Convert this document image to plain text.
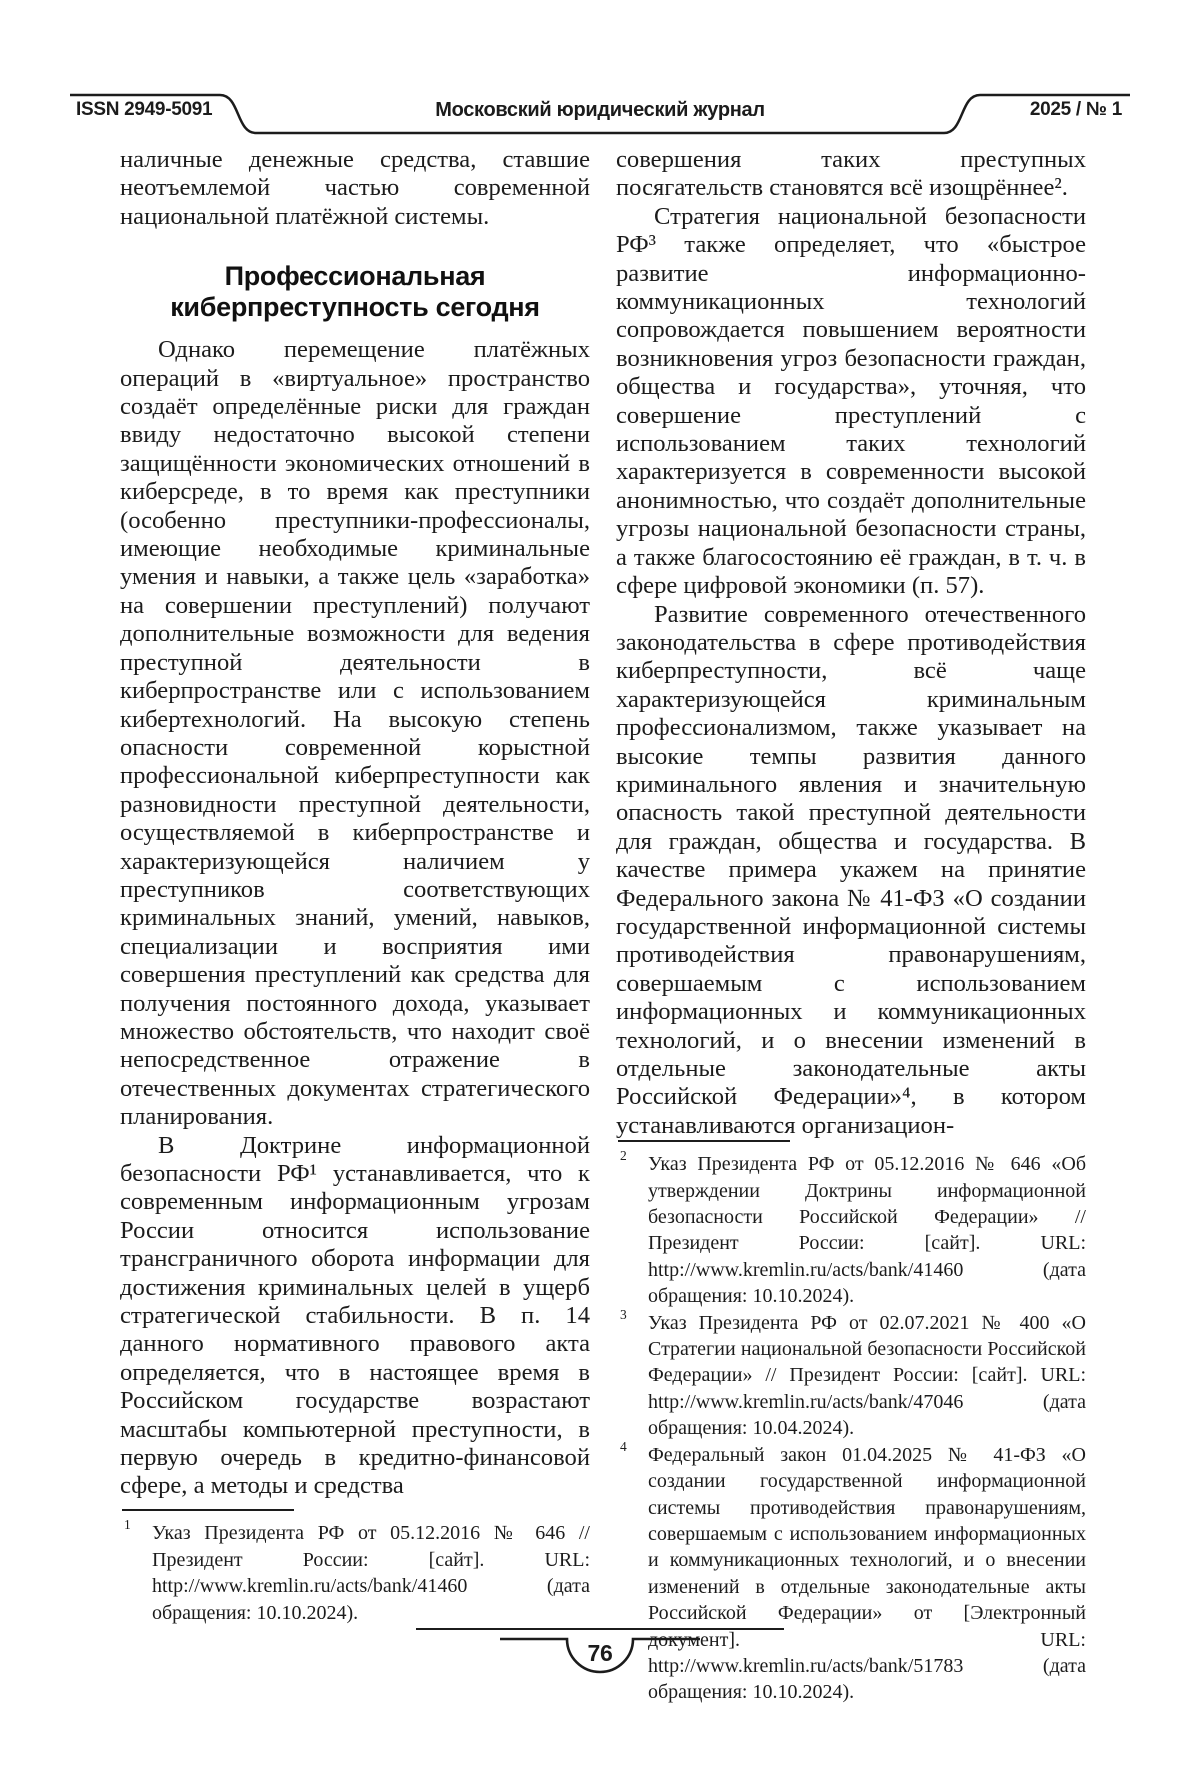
ISSN 2949-5091	Московский юридический журнал	2025 / № 1

наличные денежные средства, ставшие неотъемлемой частью современной национальной платёжной системы.

Профессиональная
киберпреступность сегодня

Однако перемещение платёжных операций в «виртуальное» пространство создаёт определённые риски для граждан ввиду недостаточно высокой степени защищённости экономических отношений в киберсреде, в то время как преступники (особенно преступники-профессионалы, имеющие необходимые криминальные умения и навыки, а также цель «заработка» на совершении преступлений) получают дополнительные возможности для ведения преступной деятельности в киберпространстве или с использованием кибертехнологий. На высокую степень опасности современной корыстной профессиональной киберпреступности как разновидности преступной деятельности, осуществляемой в киберпространстве и характеризующейся наличием у преступников соответствующих криминальных знаний, умений, навыков, специализации и восприятия ими совершения преступлений как средства для получения постоянного дохода, указывает множество обстоятельств, что находит своё непосредственное отражение в отечественных документах стратегического планирования.

В Доктрине информационной безопасности РФ¹ устанавливается, что к современным информационным угрозам России относится использование трансграничного оборота информации для достижения криминальных целей в ущерб стратегической стабильности. В п. 14 данного нормативного правового акта определяется, что в настоящее время в Российском государстве возрастают масштабы компьютерной преступности, в первую очередь в кредитно-финансовой сфере, а методы и средства

1 Указ Президента РФ от 05.12.2016 № 646 // Президент России: [сайт]. URL: http://www.kremlin.ru/acts/bank/41460 (дата обращения: 10.10.2024).

совершения таких преступных посягательств становятся всё изощрённее².

Стратегия национальной безопасности РФ³ также определяет, что «быстрое развитие информационно-коммуникационных технологий сопровождается повышением вероятности возникновения угроз безопасности граждан, общества и государства», уточняя, что совершение преступлений с использованием таких технологий характеризуется в современности высокой анонимностью, что создаёт дополнительные угрозы национальной безопасности страны, а также благосостоянию её граждан, в т. ч. в сфере цифровой экономики (п. 57).

Развитие современного отечественного законодательства в сфере противодействия киберпреступности, всё чаще характеризующейся криминальным профессионализмом, также указывает на высокие темпы развития данного криминального явления и значительную опасность такой преступной деятельности для граждан, общества и государства. В качестве примера укажем на принятие Федерального закона № 41-ФЗ «О создании государственной информационной системы противодействия правонарушениям, совершаемым с использованием информационных и коммуникационных технологий, и о внесении изменений в отдельные законодательные акты Российской Федерации»⁴, в котором устанавливаются организацион-

2 Указ Президента РФ от 05.12.2016 № 646 «Об утверждении Доктрины информационной безопасности Российской Федерации» // Президент России: [сайт]. URL: http://www.kremlin.ru/acts/bank/41460 (дата обращения: 10.10.2024).

3 Указ Президента РФ от 02.07.2021 № 400 «О Стратегии национальной безопасности Российской Федерации» // Президент России: [сайт]. URL: http://www.kremlin.ru/acts/bank/47046 (дата обращения: 10.04.2024).

4 Федеральный закон 01.04.2025 № 41-ФЗ «О создании государственной информационной системы противодействия правонарушениям, совершаемым с использованием информационных и коммуникационных технологий, и о внесении изменений в отдельные законодательные акты Российской Федерации» от [Электронный документ]. URL: http://www.kremlin.ru/acts/bank/51783 (дата обращения: 10.10.2024).

76
